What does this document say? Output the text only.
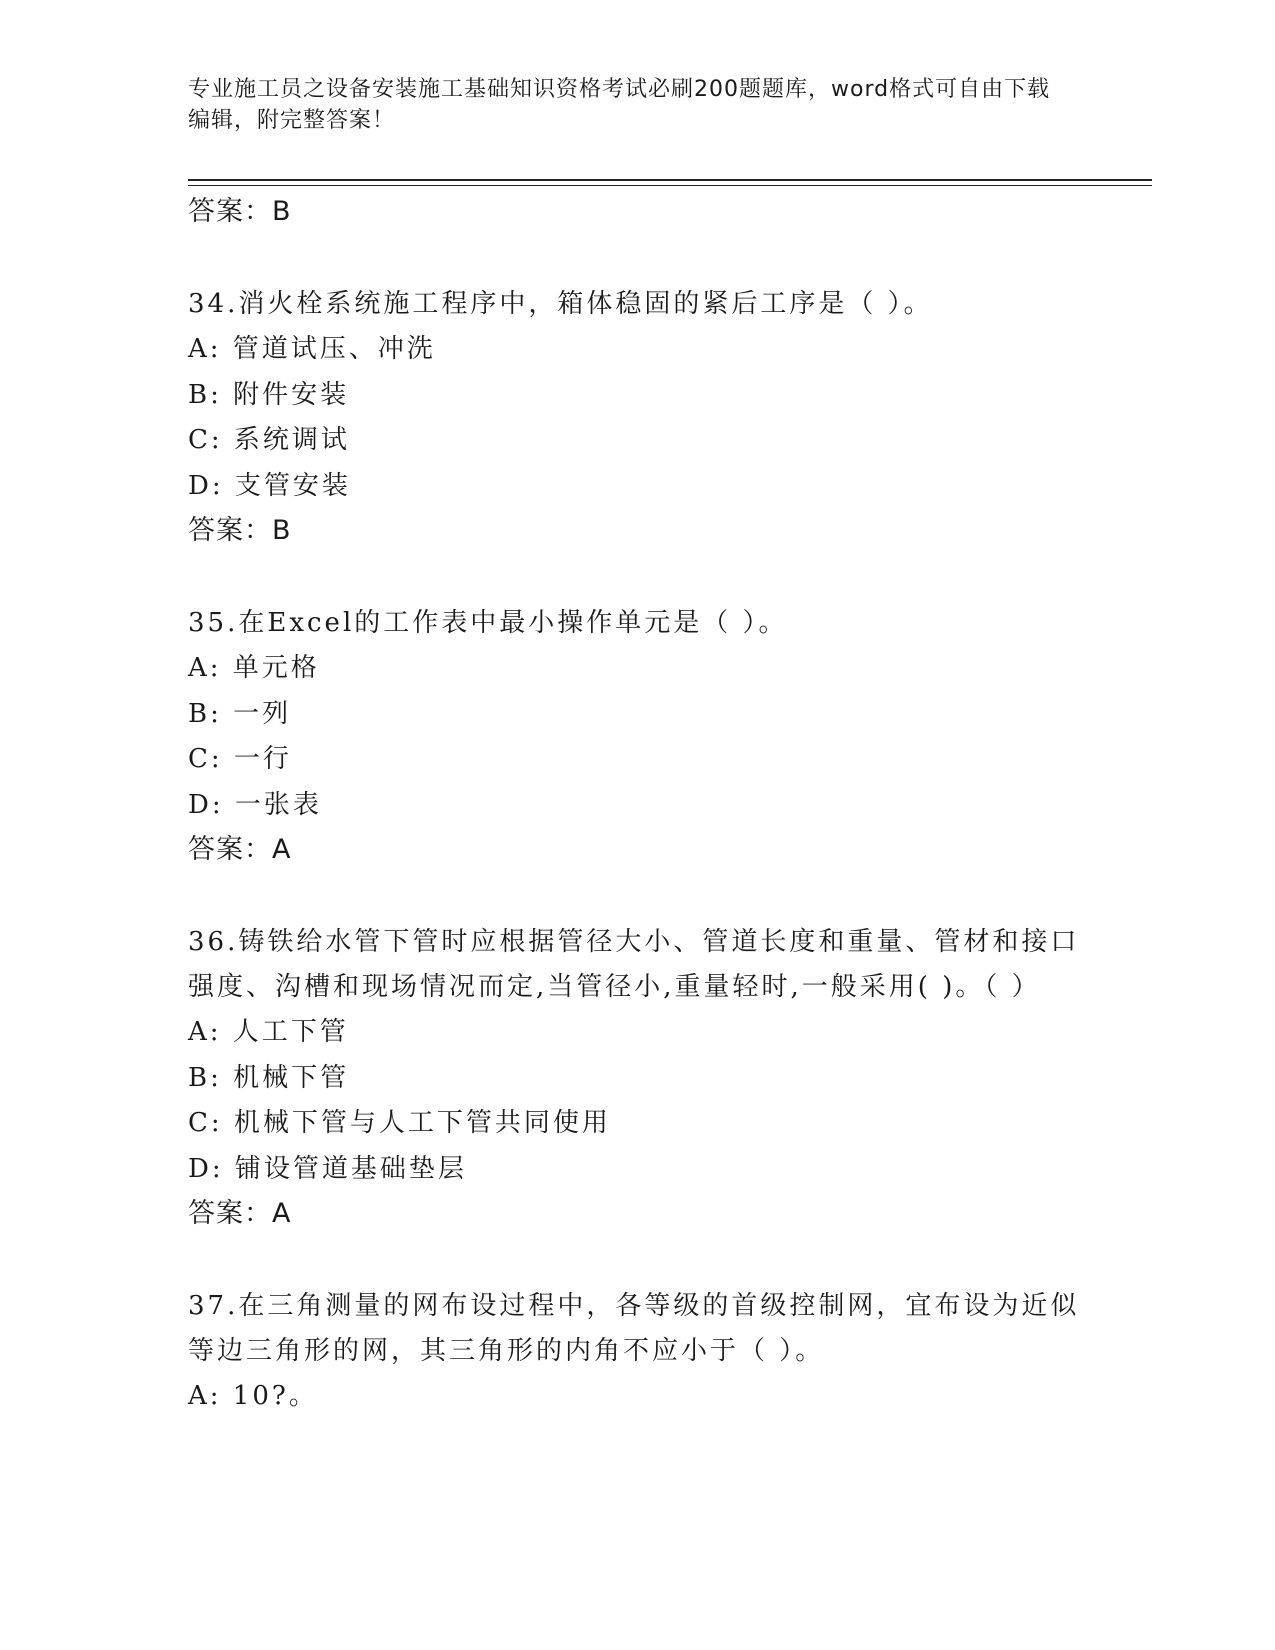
专业施工员之设备安装施工基础知识资格考试必刷200题题库，word格式可自由下载编辑，附完整答案！
答案：B
34.消火栓系统施工程序中，箱体稳固的紧后工序是（ ）。
A: 管道试压、冲洗
B: 附件安装
C: 系统调试
D: 支管安装
答案：B
35.在Excel的工作表中最小操作单元是（ ）。
A: 单元格
B: 一列
C: 一行
D: 一张表
答案：A
36.铸铁给水管下管时应根据管径大小、管道长度和重量、管材和接口强度、沟槽和现场情况而定,当管径小,重量轻时,一般采用( )。（ ）
A: 人工下管
B: 机械下管
C: 机械下管与人工下管共同使用
D: 铺设管道基础垫层
答案：A
37.在三角测量的网布设过程中，各等级的首级控制网，宜布设为近似等边三角形的网，其三角形的内角不应小于（ ）。
A: 10?。
